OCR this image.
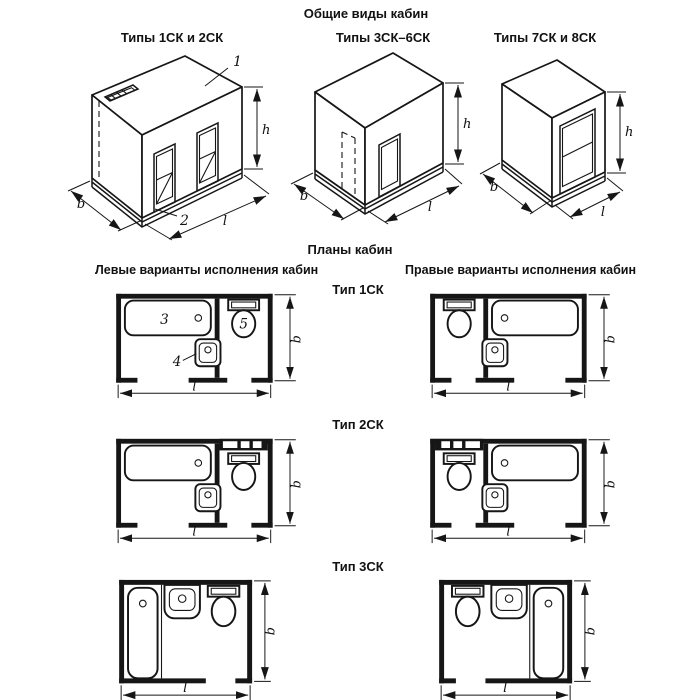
Общие виды кабин
Типы 1СК и 2СК	Типы 3СК–6СК	Типы 7СК и 8СК
1
2
h
b
l
h
b
l
h
b
l
Планы кабин
Левые варианты исполнения кабин	Правые варианты исполнения кабин
Тип 1СК
3
4
5
b
l
b
l
Тип 2СК
b
l
b
l
Тип 3СК
b
l
b
l
